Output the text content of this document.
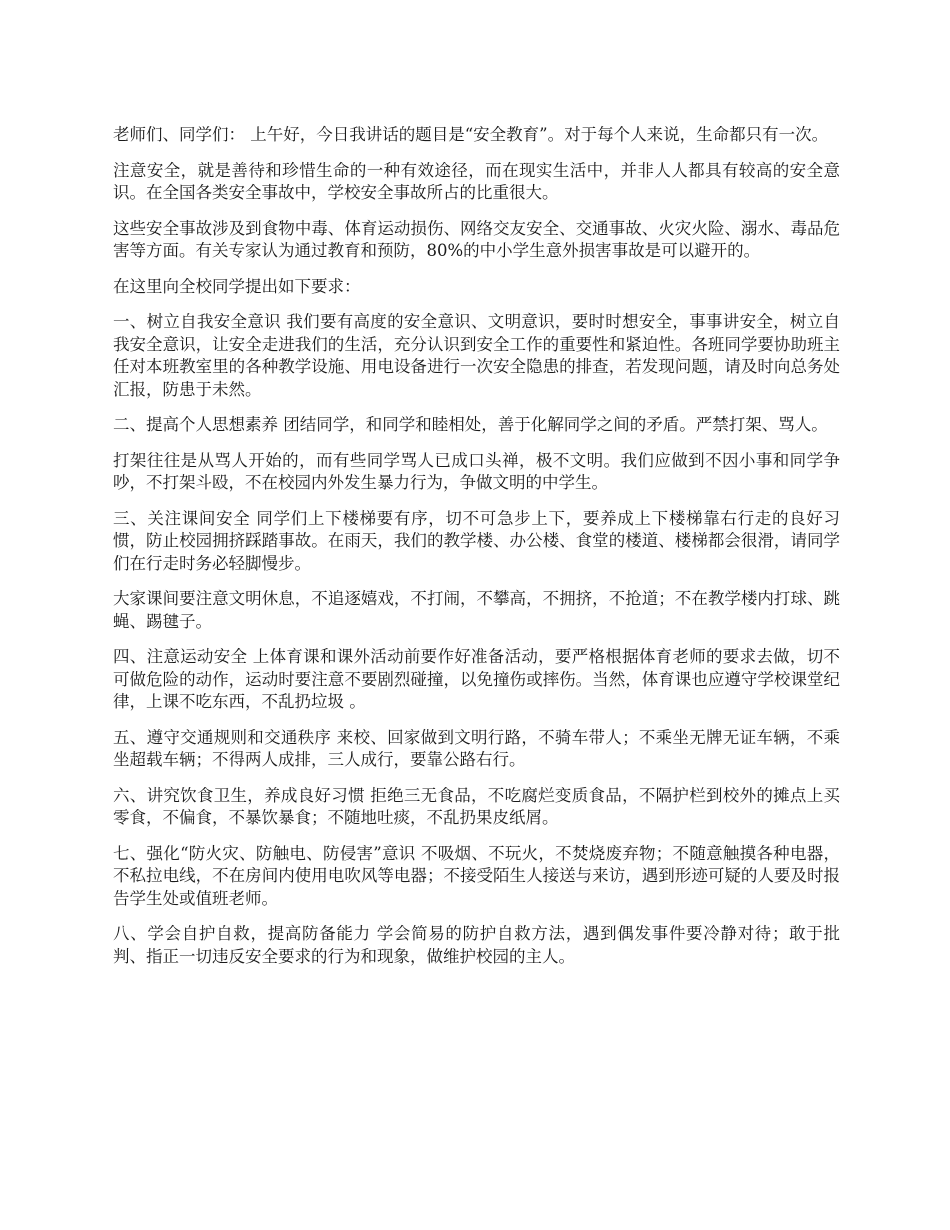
老师们、同学们： 上午好，今日我讲话的题目是“安全教育”。对于每个人来说，生命都只有一次。

注意安全，就是善待和珍惜生命的一种有效途径，而在现实生活中，并非人人都具有较高的安全意识。在全国各类安全事故中，学校安全事故所占的比重很大。

这些安全事故涉及到食物中毒、体育运动损伤、网络交友安全、交通事故、火灾火险、溺水、毒品危害等方面。有关专家认为通过教育和预防，80%的中小学生意外损害事故是可以避开的。

在这里向全校同学提出如下要求：

一、树立自我安全意识 我们要有高度的安全意识、文明意识，要时时想安全，事事讲安全，树立自我安全意识，让安全走进我们的生活，充分认识到安全工作的重要性和紧迫性。各班同学要协助班主任对本班教室里的各种教学设施、用电设备进行一次安全隐患的排查，若发现问题，请及时向总务处汇报，防患于未然。

二、提高个人思想素养 团结同学，和同学和睦相处，善于化解同学之间的矛盾。严禁打架、骂人。

打架往往是从骂人开始的，而有些同学骂人已成口头禅，极不文明。我们应做到不因小事和同学争吵，不打架斗殴，不在校园内外发生暴力行为，争做文明的中学生。

三、关注课间安全 同学们上下楼梯要有序，切不可急步上下，要养成上下楼梯靠右行走的良好习惯，防止校园拥挤踩踏事故。在雨天，我们的教学楼、办公楼、食堂的楼道、楼梯都会很滑，请同学们在行走时务必轻脚慢步。

大家课间要注意文明休息，不追逐嬉戏，不打闹，不攀高，不拥挤，不抢道；不在教学楼内打球、跳蝇、踢毽子。

四、注意运动安全 上体育课和课外活动前要作好准备活动，要严格根据体育老师的要求去做，切不可做危险的动作，运动时要注意不要剧烈碰撞，以免撞伤或摔伤。当然，体育课也应遵守学校课堂纪律，上课不吃东西，不乱扔垃圾 。

五、遵守交通规则和交通秩序 来校、回家做到文明行路，不骑车带人；不乘坐无牌无证车辆，不乘坐超载车辆；不得两人成排，三人成行，要靠公路右行。

六、讲究饮食卫生，养成良好习惯 拒绝三无食品，不吃腐烂变质食品，不隔护栏到校外的摊点上买零食，不偏食，不暴饮暴食；不随地吐痰，不乱扔果皮纸屑。

七、强化“防火灾、防触电、防侵害”意识 不吸烟、不玩火，不焚烧废弃物；不随意触摸各种电器，不私拉电线，不在房间内使用电吹风等电器；不接受陌生人接送与来访，遇到形迹可疑的人要及时报告学生处或值班老师。

八、学会自护自救，提高防备能力 学会简易的防护自救方法，遇到偶发事件要冷静对待；敢于批判、指正一切违反安全要求的行为和现象，做维护校园的主人。
